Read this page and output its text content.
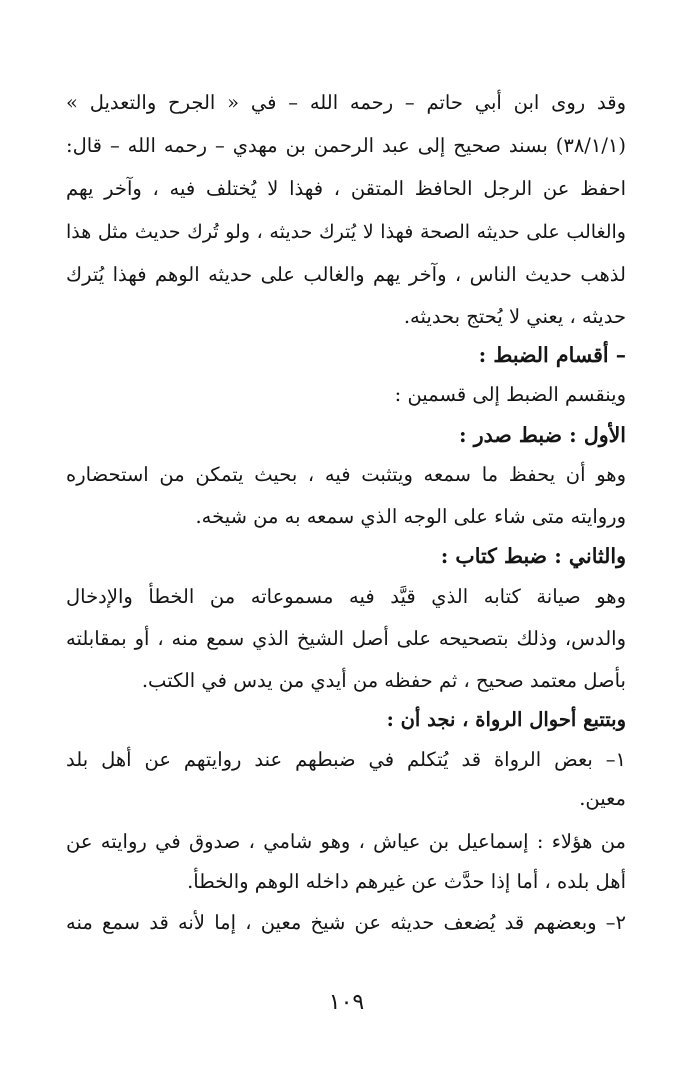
وقد روى ابن أبي حاتم – رحمه الله – في « الجرح والتعديل »
(٣٨/١/١) بسند صحيح إلى عبد الرحمن بن مهدي – رحمه الله – قال:
احفظ عن الرجل الحافظ المتقن ، فهذا لا يُختلف فيه ، وآخر يهم
والغالب على حديثه الصحة فهذا لا يُترك حديثه ، ولو تُرك حديث مثل هذا
لذهب حديث الناس ، وآخر يهم والغالب على حديثه الوهم فهذا يُترك
حديثه ، يعني لا يُحتج بحديثه.
– أقسام الضبط :
وينقسم الضبط إلى قسمين :
الأول : ضبط صدر :
وهو أن يحفظ ما سمعه ويتثبت فيه ، بحيث يتمكن من استحضاره
وروايته متى شاء على الوجه الذي سمعه به من شيخه.
والثاني : ضبط كتاب :
وهو صيانة كتابه الذي قيَّد فيه مسموعاته من الخطأ والإدخال
والدس، وذلك بتصحيحه على أصل الشيخ الذي سمع منه ، أو بمقابلته
بأصل معتمد صحيح ، ثم حفظه من أيدي من يدس في الكتب.
وبتتبع أحوال الرواة ، نجد أن :
١– بعض الرواة قد يُتكلم في ضبطهم عند روايتهم عن أهل بلد
معين.
من هؤلاء : إسماعيل بن عياش ، وهو شامي ، صدوق في روايته عن
أهل بلده ، أما إذا حدَّث عن غيرهم داخله الوهم والخطأ.
٢– وبعضهم قد يُضعف حديثه عن شيخ معين ، إما لأنه قد سمع منه
١٠٩
